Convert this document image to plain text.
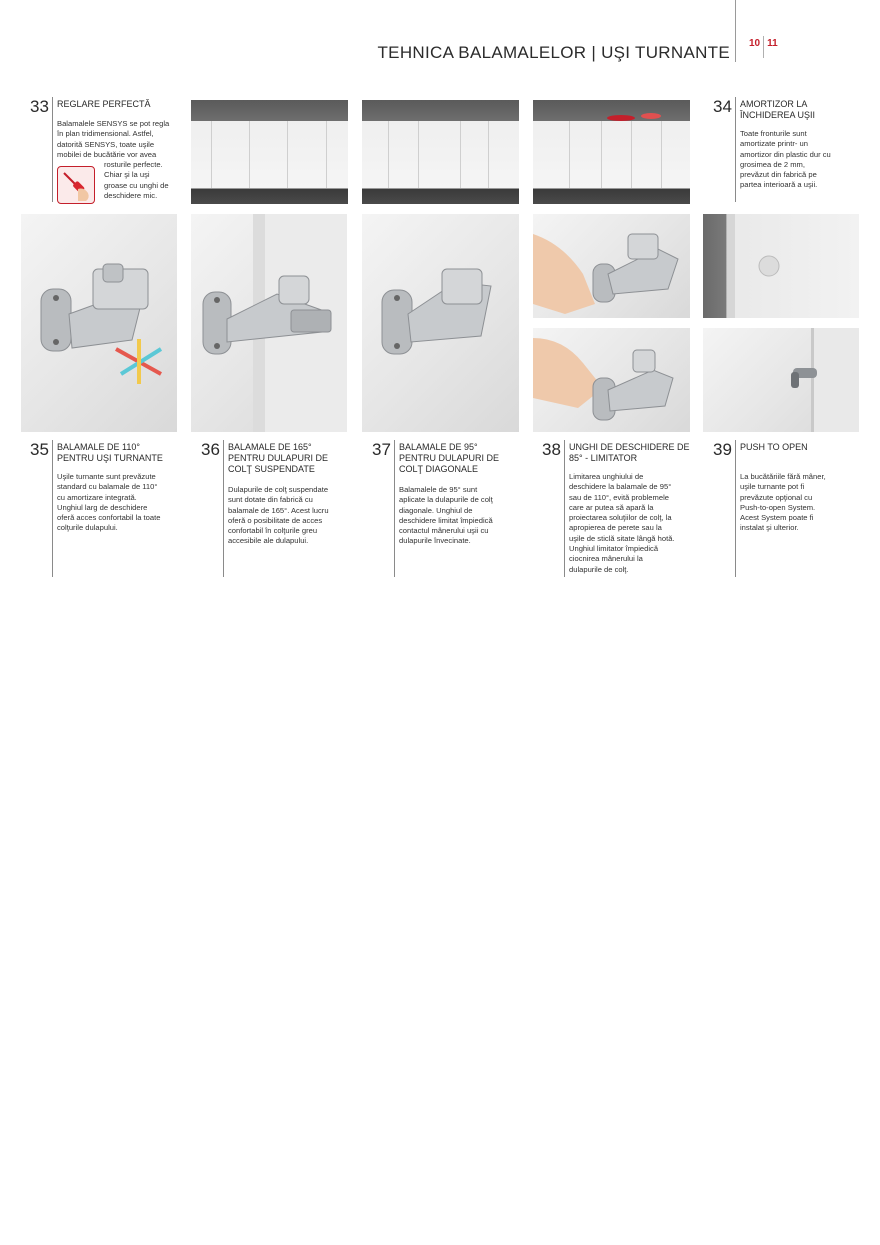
TEHNICA BALAMALELOR | UŞI TURNANTE 10 11
33 REGLARE PERFECTĂ
Balamalele SENSYS se pot regla
în plan tridimensional. Astfel,
datorită SENSYS, toate uşile
mobilei de bucătărie vor avea
rosturile perfecte.
Chiar şi la uşi
groase cu unghi de
deschidere mic.
34 AMORTIZOR LA
ÎNCHIDEREA UŞII
Toate fronturile sunt
amortizate printr- un
amortizor din plastic dur cu
grosimea de 2 mm,
prevăzut din fabrică pe
partea interioară a uşii.
35 BALAMALE DE 110°
PENTRU UŞI TURNANTE
Uşile turnante sunt prevăzute
standard cu balamale de 110°
cu amortizare integrată.
Unghiul larg de deschidere
oferă acces confortabil la toate
colţurile dulapului.
36 BALAMALE DE 165°
PENTRU DULAPURI DE
COLŢ SUSPENDATE
Dulapurile de colţ suspendate
sunt dotate din fabrică cu
balamale de 165°. Acest lucru
oferă o posibilitate de acces
confortabil în colţurile greu
accesibile ale dulapului.
37 BALAMALE DE 95°
PENTRU DULAPURI DE
COLŢ DIAGONALE
Balamalele de 95° sunt
aplicate la dulapurile de colţ
diagonale. Unghiul de
deschidere limitat împiedică
contactul mânerului uşii cu
dulapurile învecinate.
38 UNGHI DE DESCHIDERE DE
85° - LIMITATOR
Limitarea unghiului de
deschidere la balamale de 95°
sau de 110°, evită problemele
care ar putea să apară la
proiectarea soluţiilor de colţ, la
apropierea de perete sau la
uşile de sticlă sitate lângă hotă.
Unghiul limitator împiedică
ciocnirea mânerului la
dulapurile de colţ.
39 PUSH TO OPEN
La bucătăriile fără mâner,
uşile turnante pot fi
prevăzute opţional cu
Push-to-open System.
Acest System poate fi
instalat şi ulterior.
